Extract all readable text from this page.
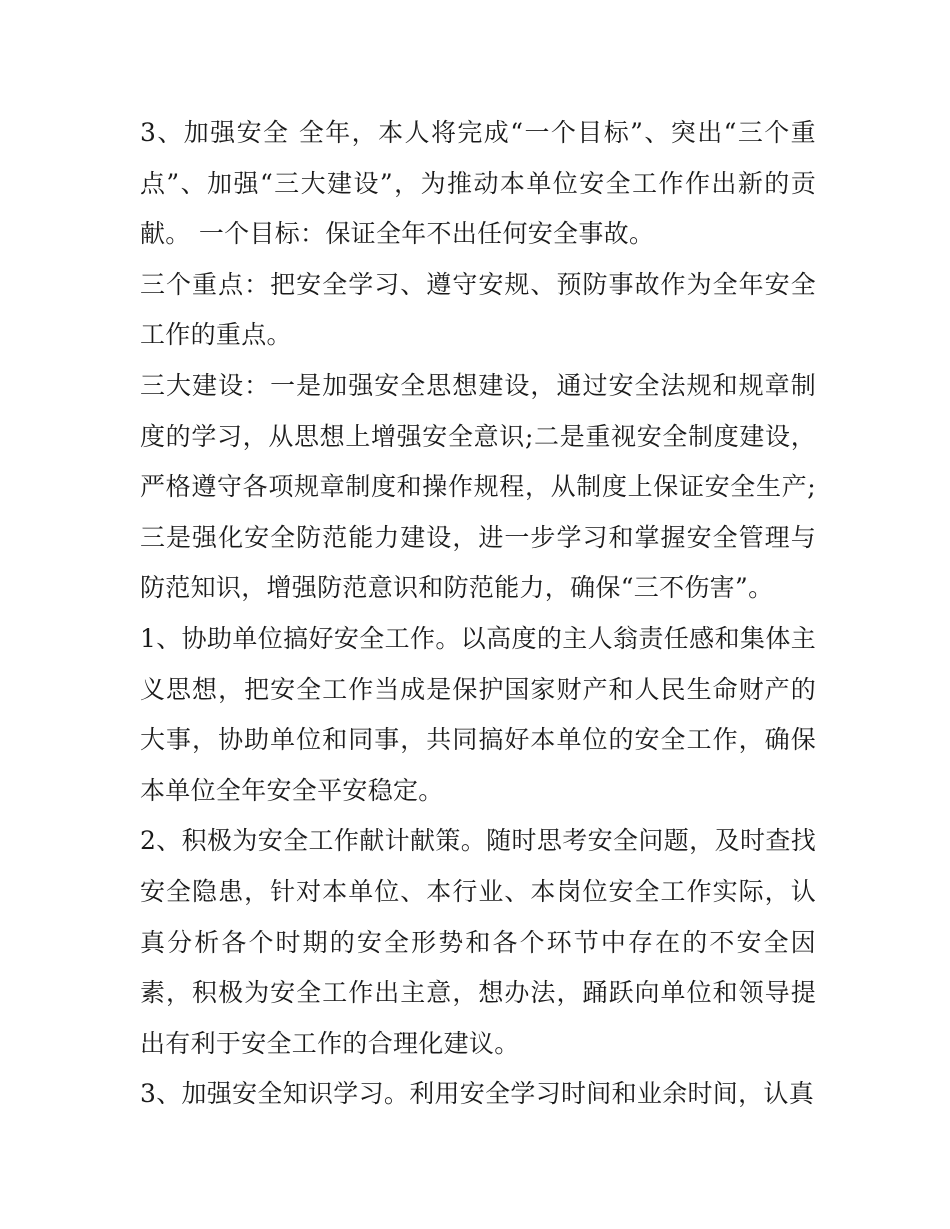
3、加强安全 全年，本人将完成“一个目标”、突出“三个重点”、加强“三大建设”，为推动本单位安全工作作出新的贡献。 一个目标：保证全年不出任何安全事故。

三个重点：把安全学习、遵守安规、预防事故作为全年安全工作的重点。

三大建设：一是加强安全思想建设，通过安全法规和规章制度的学习，从思想上增强安全意识;二是重视安全制度建设，严格遵守各项规章制度和操作规程，从制度上保证安全生产;三是强化安全防范能力建设，进一步学习和掌握安全管理与防范知识，增强防范意识和防范能力，确保“三不伤害”。

1、协助单位搞好安全工作。以高度的主人翁责任感和集体主义思想，把安全工作当成是保护国家财产和人民生命财产的大事，协助单位和同事，共同搞好本单位的安全工作，确保本单位全年安全平安稳定。

2、积极为安全工作献计献策。随时思考安全问题，及时查找安全隐患，针对本单位、本行业、本岗位安全工作实际，认真分析各个时期的安全形势和各个环节中存在的不安全因素，积极为安全工作出主意，想办法，踊跃向单位和领导提出有利于安全工作的合理化建议。

3、加强安全知识学习。利用安全学习时间和业余时间，认真
